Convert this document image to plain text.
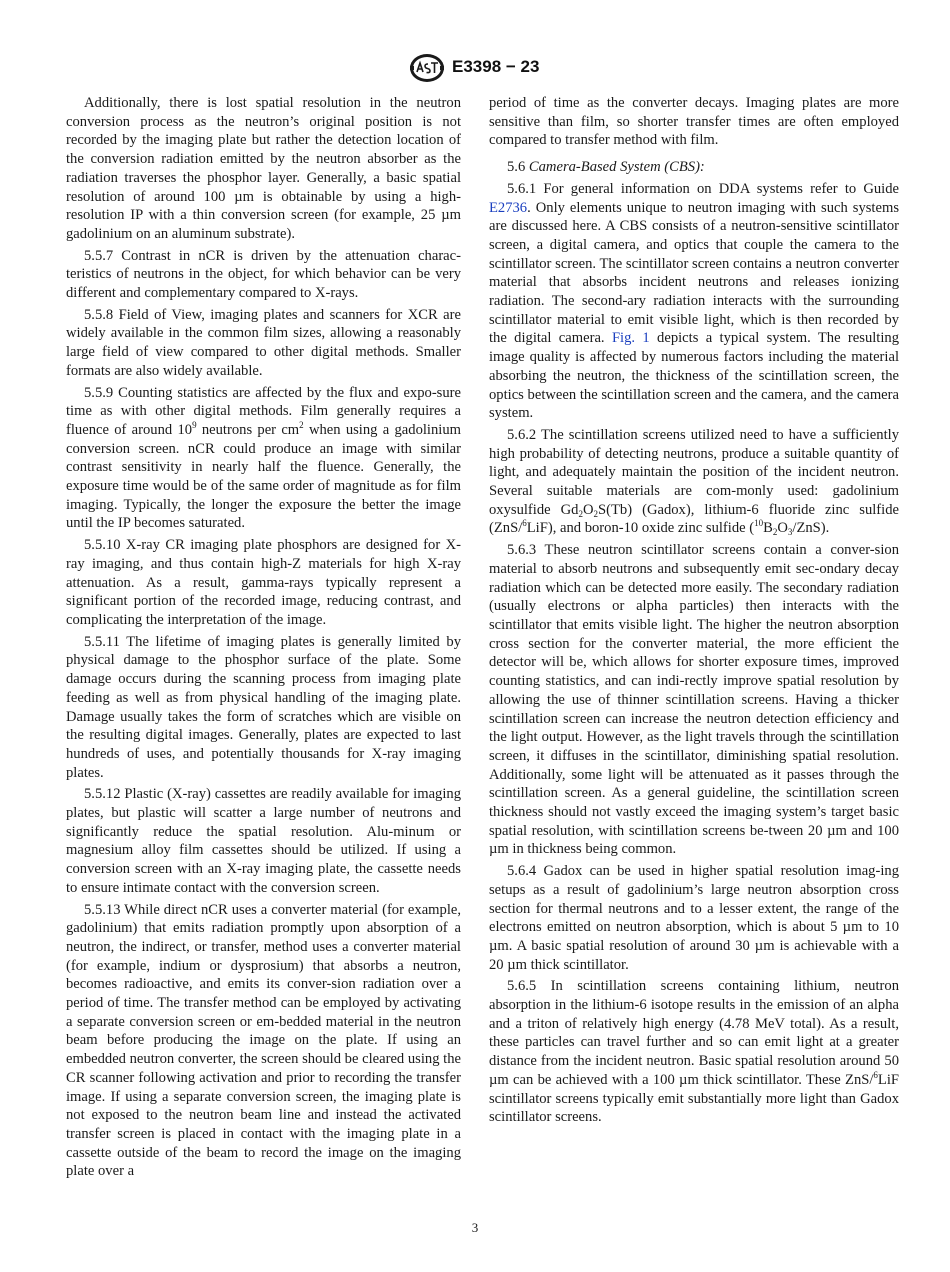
E3398 − 23

Additionally, there is lost spatial resolution in the neutron conversion process as the neutron’s original position is not recorded by the imaging plate but rather the detection location of the conversion radiation emitted by the neutron absorber as the radiation traverses the phosphor layer. Generally, a basic spatial resolution of around 100 µm is obtainable by using a high-resolution IP with a thin conversion screen (for example, 25 µm gadolinium on an aluminum substrate).

5.5.7 Contrast in nCR is driven by the attenuation charac-teristics of neutrons in the object, for which behavior can be very different and complementary compared to X-rays.

5.5.8 Field of View, imaging plates and scanners for XCR are widely available in the common film sizes, allowing a reasonably large field of view compared to other digital methods. Smaller formats are also widely available.

5.5.9 Counting statistics are affected by the flux and expo-sure time as with other digital methods. Film generally requires a fluence of around $10^9$ neutrons per $cm^2$ when using a gadolinium conversion screen. nCR could produce an image with similar contrast sensitivity in nearly half the fluence. Generally, the exposure time would be of the same order of magnitude as for film imaging. Typically, the longer the exposure the better the image until the IP becomes saturated.

5.5.10 X-ray CR imaging plate phosphors are designed for X-ray imaging, and thus contain high-Z materials for high X-ray attenuation. As a result, gamma-rays typically represent a significant portion of the recorded image, reducing contrast, and complicating the interpretation of the image.

5.5.11 The lifetime of imaging plates is generally limited by physical damage to the phosphor surface of the plate. Some damage occurs during the scanning process from imaging plate feeding as well as from physical handling of the imaging plate. Damage usually takes the form of scratches which are visible on the resulting digital images. Generally, plates are expected to last hundreds of uses, and potentially thousands for X-ray imaging plates.

5.5.12 Plastic (X-ray) cassettes are readily available for imaging plates, but plastic will scatter a large number of neutrons and significantly reduce the spatial resolution. Alu-minum or magnesium alloy film cassettes should be utilized. If using a conversion screen with an X-ray imaging plate, the cassette needs to ensure intimate contact with the conversion screen.

5.5.13 While direct nCR uses a converter material (for example, gadolinium) that emits radiation promptly upon absorption of a neutron, the indirect, or transfer, method uses a converter material (for example, indium or dysprosium) that absorbs a neutron, becomes radioactive, and emits its conver-sion radiation over a period of time. The transfer method can be employed by activating a separate conversion screen or em-bedded material in the neutron beam before producing the image on the plate. If using an embedded neutron converter, the screen should be cleared using the CR scanner following activation and prior to recording the transfer image. If using a separate conversion screen, the imaging plate is not exposed to the neutron beam line and instead the activated transfer screen is placed in contact with the imaging plate in a cassette outside of the beam to record the image on the imaging plate over a

period of time as the converter decays. Imaging plates are more sensitive than film, so shorter transfer times are often employed compared to transfer method with film.

5.6 Camera-Based System (CBS):

5.6.1 For general information on DDA systems refer to Guide E2736. Only elements unique to neutron imaging with such systems are discussed here. A CBS consists of a neutron-sensitive scintillator screen, a digital camera, and optics that couple the camera to the scintillator screen. The scintillator screen contains a neutron converter material that absorbs incident neutrons and releases ionizing radiation. The second-ary radiation interacts with the surrounding scintillator material to emit visible light, which is then recorded by the digital camera. Fig. 1 depicts a typical system. The resulting image quality is affected by numerous factors including the material absorbing the neutron, the thickness of the scintillation screen, the optics between the scintillation screen and the camera, and the camera system.

5.6.2 The scintillation screens utilized need to have a sufficiently high probability of detecting neutrons, produce a suitable quantity of light, and adequately maintain the position of the incident neutron. Several suitable materials are com-monly used: gadolinium oxysulfide $Gd_2O_2S(Tb)$ (Gadox), lithium-6 fluoride zinc sulfide (ZnS/$^6$LiF), and boron-10 oxide zinc sulfide $(^{10}B_2O_3/ZnS)$.

5.6.3 These neutron scintillator screens contain a conver-sion material to absorb neutrons and subsequently emit sec-ondary decay radiation which can be detected more easily. The secondary radiation (usually electrons or alpha particles) then interacts with the scintillator that emits visible light. The higher the neutron absorption cross section for the converter material, the more efficient the detector will be, which allows for shorter exposure times, improved counting statistics, and can indi-rectly improve spatial resolution by allowing the use of thinner scintillation screens. Having a thicker scintillation screen can increase the neutron detection efficiency and the light output. However, as the light travels through the scintillation screen, it diffuses in the scintillator, diminishing spatial resolution. Additionally, some light will be attenuated as it passes through the scintillation screen. As a general guideline, the scintillation screen thickness should not vastly exceed the imaging system’s target basic spatial resolution, with scintillation screens be-tween 20 µm and 100 µm in thickness being common.

5.6.4 Gadox can be used in higher spatial resolution imag-ing setups as a result of gadolinium’s large neutron absorption cross section for thermal neutrons and to a lesser extent, the range of the electrons emitted on neutron absorption, which is about 5 µm to 10 µm. A basic spatial resolution of around 30 µm is achievable with a 20 µm thick scintillator.

5.6.5 In scintillation screens containing lithium, neutron absorption in the lithium-6 isotope results in the emission of an alpha and a triton of relatively high energy (4.78 MeV total). As a result, these particles can travel further and so can emit light at a greater distance from the incident neutron. Basic spatial resolution around 50 µm can be achieved with a 100 µm thick scintillator. These ZnS/$^6$LiF scintillator screens typically emit substantially more light than Gadox scintillator screens.

3
